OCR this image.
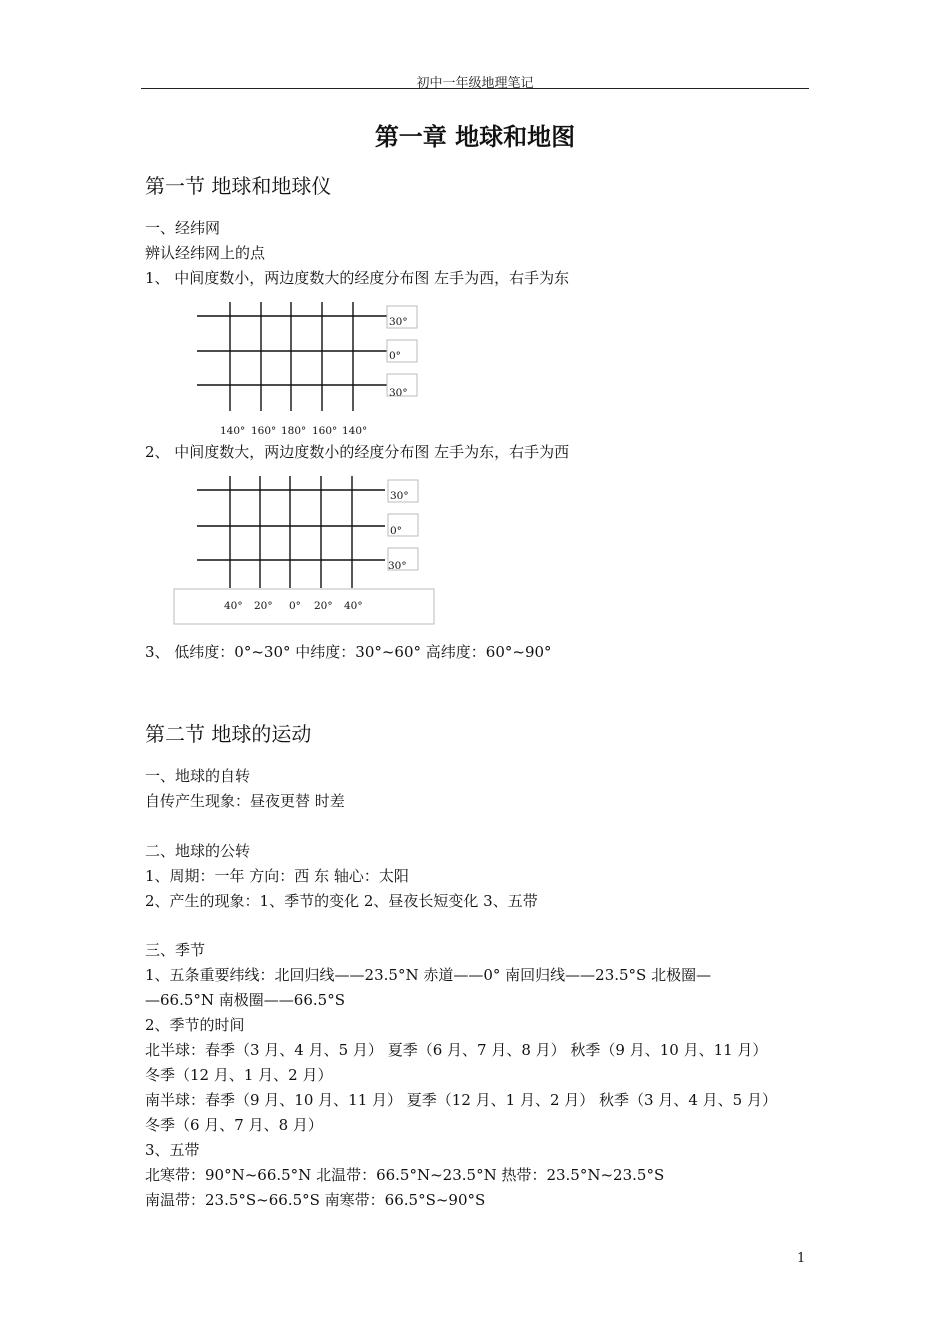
初中一年级地理笔记
第一章 地球和地图
第一节 地球和地球仪
一、经纬网
辨认经纬网上的点
1、 中间度数小，两边度数大的经度分布图 左手为西，右手为东
30°
0°
30°
140° 160° 180° 160° 140°
2、 中间度数大，两边度数小的经度分布图 左手为东，右手为西
30°
0°
30°
40° 20° 0° 20° 40°
3、 低纬度：0°~30° 中纬度：30°~60° 高纬度：60°~90°
第二节 地球的运动
一、地球的自转
自传产生现象：昼夜更替 时差
二、地球的公转
1、周期：一年 方向：西 东 轴心：太阳
2、产生的现象：1、季节的变化 2、昼夜长短变化 3、五带
三、季节
1、五条重要纬线：北回归线——23.5°N 赤道——0° 南回归线——23.5°S 北极圈—
—66.5°N 南极圈——66.5°S
2、季节的时间
北半球：春季（3 月、4 月、5 月） 夏季（6 月、7 月、8 月） 秋季（9 月、10 月、11 月）
冬季（12 月、1 月、2 月）
南半球：春季（9 月、10 月、11 月） 夏季（12 月、1 月、2 月） 秋季（3 月、4 月、5 月）
冬季（6 月、7 月、8 月）
3、五带
北寒带：90°N~66.5°N 北温带：66.5°N~23.5°N 热带：23.5°N~23.5°S
南温带：23.5°S~66.5°S 南寒带：66.5°S~90°S
1
